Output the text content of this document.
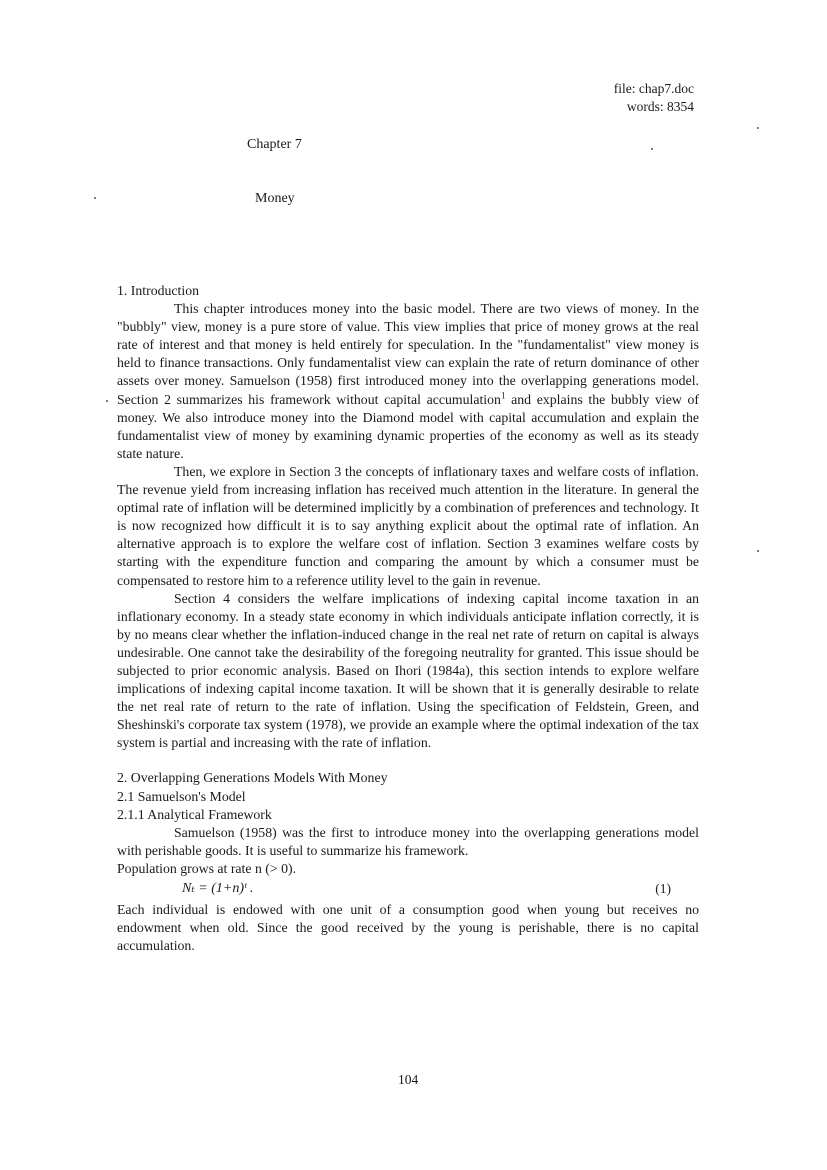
file: chap7.doc
words: 8354
Chapter 7
Money
1. Introduction

This chapter introduces money into the basic model. There are two views of money. In the "bubbly" view, money is a pure store of value. This view implies that price of money grows at the real rate of interest and that money is held entirely for speculation. In the "fundamentalist" view money is held to finance transactions. Only fundamentalist view can explain the rate of return dominance of other assets over money. Samuelson (1958) first introduced money into the overlapping generations model. Section 2 summarizes his framework without capital accumulation$^1$ and explains the bubbly view of money. We also introduce money into the Diamond model with capital accumulation and explain the fundamentalist view of money by examining dynamic properties of the economy as well as its steady state nature.

Then, we explore in Section 3 the concepts of inflationary taxes and welfare costs of inflation. The revenue yield from increasing inflation has received much attention in the literature. In general the optimal rate of inflation will be determined implicitly by a combination of preferences and technology. It is now recognized how difficult it is to say anything explicit about the optimal rate of inflation. An alternative approach is to explore the welfare cost of inflation. Section 3 examines welfare costs by starting with the expenditure function and comparing the amount by which a consumer must be compensated to restore him to a reference utility level to the gain in revenue.

Section 4 considers the welfare implications of indexing capital income taxation in an inflationary economy. In a steady state economy in which individuals anticipate inflation correctly, it is by no means clear whether the inflation-induced change in the real net rate of return on capital is always undesirable. One cannot take the desirability of the foregoing neutrality for granted. This issue should be subjected to prior economic analysis. Based on Ihori (1984a), this section intends to explore welfare implications of indexing capital income taxation. It will be shown that it is generally desirable to relate the net real rate of return to the rate of inflation. Using the specification of Feldstein, Green, and Sheshinski's corporate tax system (1978), we provide an example where the optimal indexation of the tax system is partial and increasing with the rate of inflation.

2. Overlapping Generations Models With Money
2.1 Samuelson's Model
2.1.1 Analytical Framework

Samuelson (1958) was the first to introduce money into the overlapping generations model with perishable goods. It is useful to summarize his framework.

Population grows at rate n (> 0).
Nₜ = (1+n)ᵗ .	(1)

Each individual is endowed with one unit of a consumption good when young but receives no endowment when old. Since the good received by the young is perishable, there is no capital accumulation.

104
